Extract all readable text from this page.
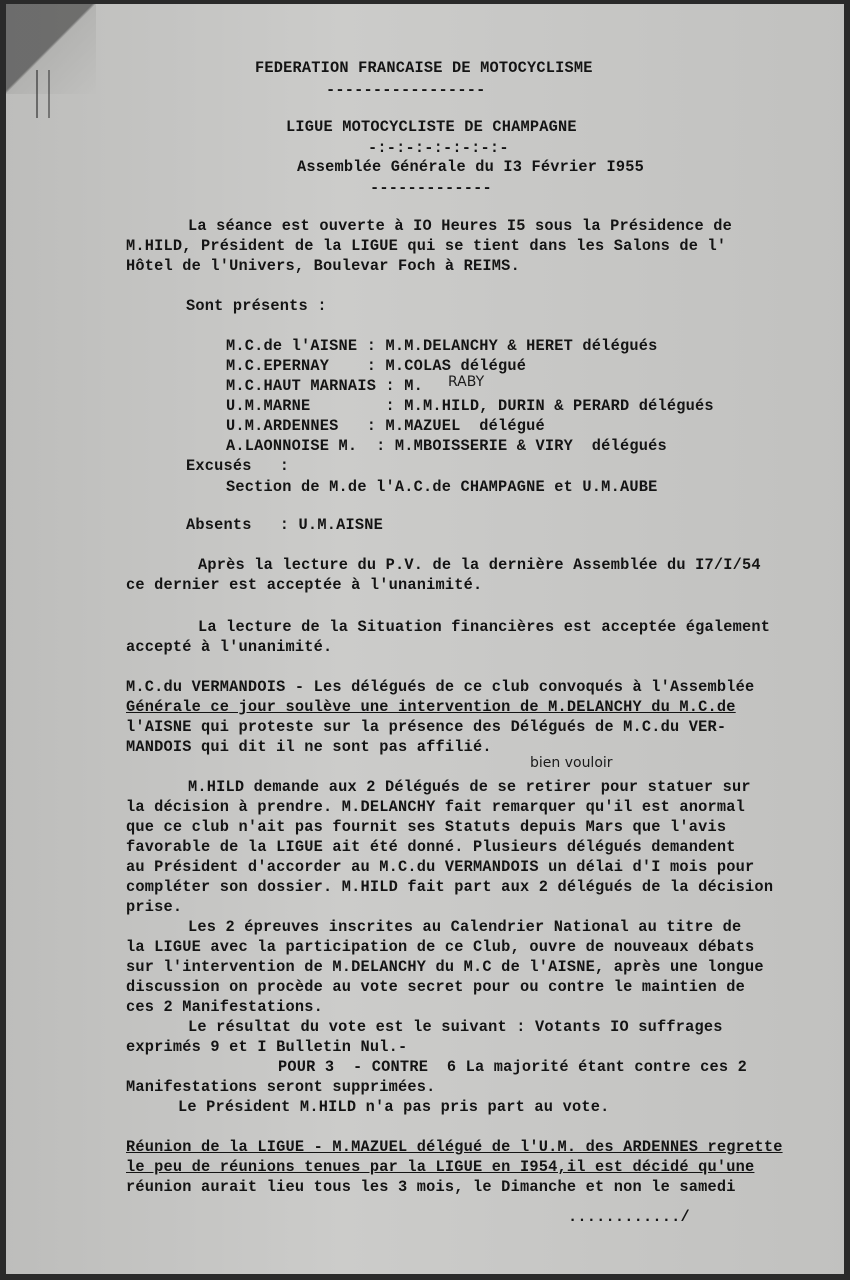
FEDERATION FRANCAISE DE MOTOCYCLISME
-----------------
LIGUE MOTOCYCLISTE DE CHAMPAGNE
-:-:-:-:-:-:-:-
Assemblée Générale du I3 Février I955
-------------
La séance est ouverte à IO Heures I5 sous la Présidence de
M.HILD, Président de la LIGUE qui se tient dans les Salons de l'
Hôtel de l'Univers, Boulevar Foch à REIMS.
Sont présents :
M.C.de l'AISNE : M.M.DELANCHY & HERET délégués
M.C.EPERNAY    : M.COLAS délégué
M.C.HAUT MARNAIS : M. RABY
U.M.MARNE        : M.M.HILD, DURIN & PERARD délégués
U.M.ARDENNES   : M.MAZUEL  délégué
A.LAONNOISE M.  : M.MBOISSERIE & VIRY  délégués
Excusés   :
Section de M.de l'A.C.de CHAMPAGNE et U.M.AUBE
Absents   : U.M.AISNE
Après la lecture du P.V. de la dernière Assemblée du I7/I/54
ce dernier est acceptée à l'unanimité.
La lecture de la Situation financières est acceptée également
accepté à l'unanimité.
M.C.du VERMANDOIS - Les délégués de ce club convoqués à l'Assemblée
Générale ce jour soulève une intervention de M.DELANCHY du M.C.de
l'AISNE qui proteste sur la présence des Délégués de M.C.du VER-
MANDOIS qui dit il ne sont pas affilié.
bien vouloir
M.HILD demande aux 2 Délégués de se retirer pour statuer sur
la décision à prendre. M.DELANCHY fait remarquer qu'il est anormal
que ce club n'ait pas fournit ses Statuts depuis Mars que l'avis
favorable de la LIGUE ait été donné. Plusieurs délégués demandent
au Président d'accorder au M.C.du VERMANDOIS un délai d'I mois pour
compléter son dossier. M.HILD fait part aux 2 délégués de la décision
prise.
Les 2 épreuves inscrites au Calendrier National au titre de
la LIGUE avec la participation de ce Club, ouvre de nouveaux débats
sur l'intervention de M.DELANCHY du M.C de l'AISNE, après une longue
discussion on procède au vote secret pour ou contre le maintien de
ces 2 Manifestations.
Le résultat du vote est le suivant : Votants IO suffrages
exprimés 9 et I Bulletin Nul.-
POUR 3  - CONTRE  6 La majorité étant contre ces 2
Manifestations seront supprimées.
Le Président M.HILD n'a pas pris part au vote.
Réunion de la LIGUE - M.MAZUEL délégué de l'U.M. des ARDENNES regrette
le peu de réunions tenues par la LIGUE en I954,il est décidé qu'une
réunion aurait lieu tous les 3 mois, le Dimanche et non le samedi
............/
